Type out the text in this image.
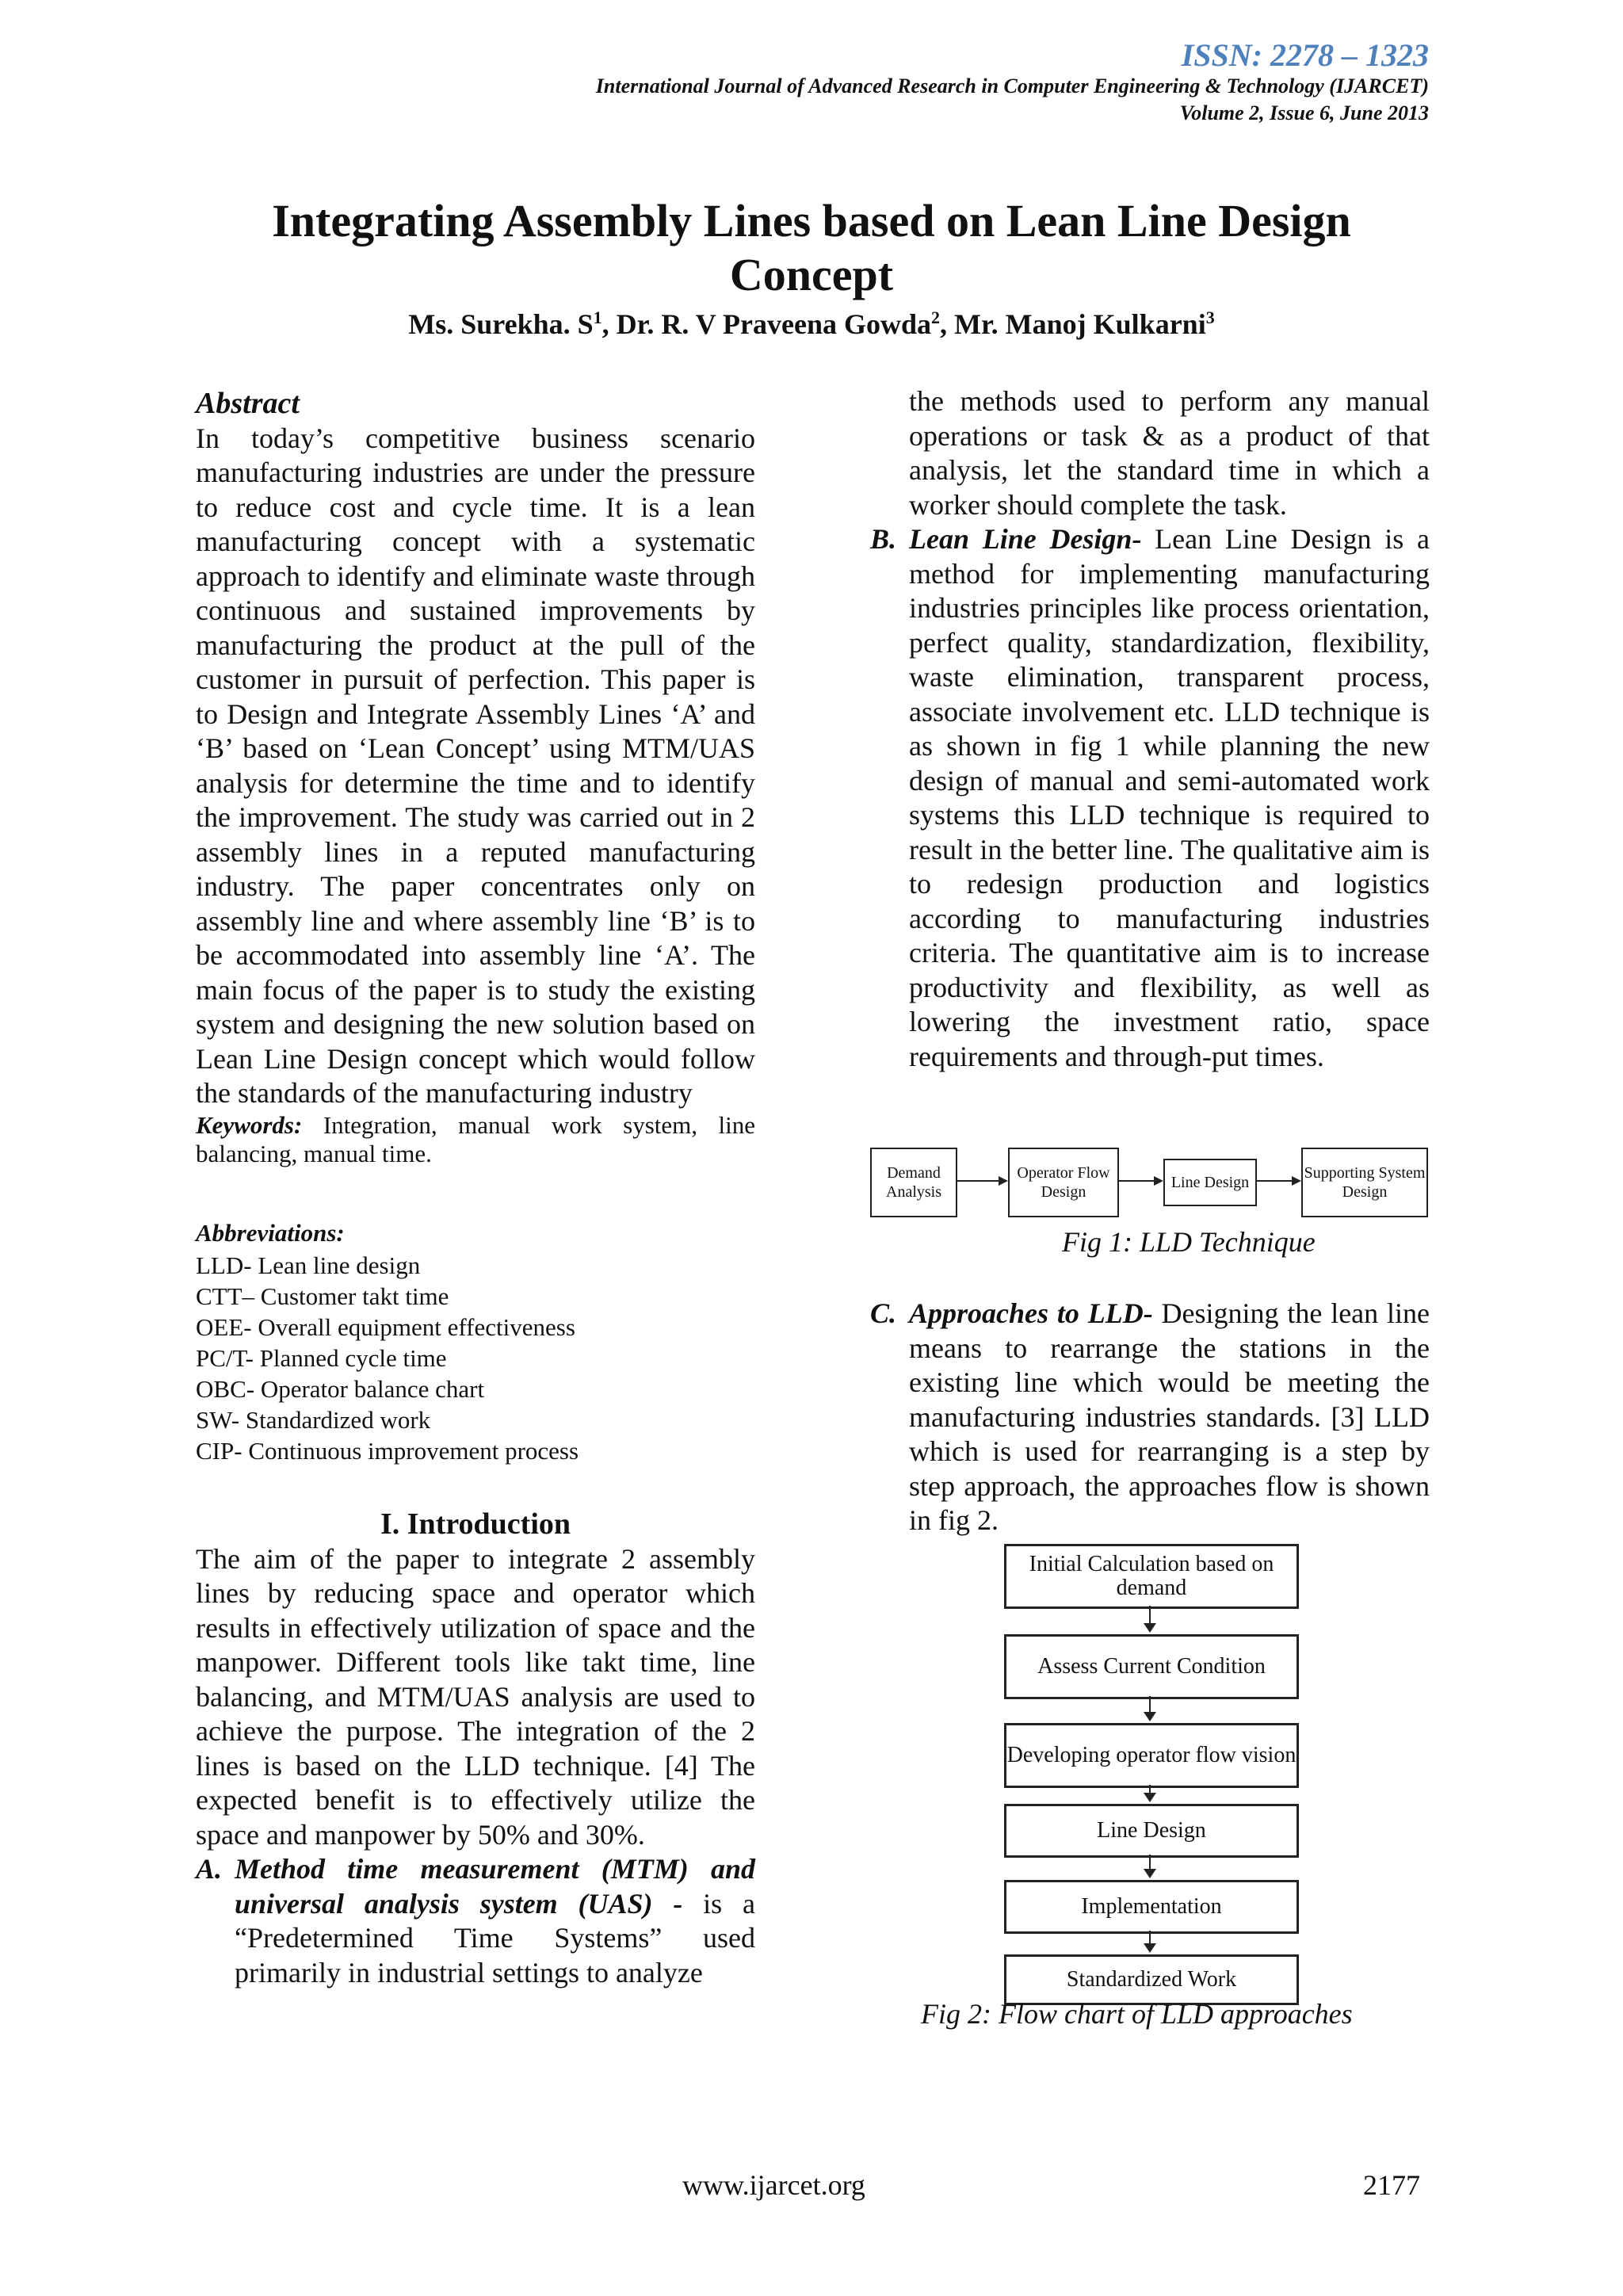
ISSN: 2278 – 1323
International Journal of Advanced Research in Computer Engineering & Technology (IJARCET)
Volume 2, Issue 6, June 2013
Integrating Assembly Lines based on Lean Line Design
Concept
Ms. Surekha. $S^1$, Dr. R. V Praveena Gowda$^2$, Mr. Manoj Kulkarni$^3$

Abstract

In today’s competitive business scenario manufacturing industries are under the pressure to reduce cost and cycle time. It is a lean manufacturing concept with a systematic approach to identify and eliminate waste through continuous and sustained improvements by manufacturing the product at the pull of the customer in pursuit of perfection. This paper is to Design and Integrate Assembly Lines ‘A’ and ‘B’ based on ‘Lean Concept’ using MTM/UAS analysis for determine the time and to identify the improvement. The study was carried out in 2 assembly lines in a reputed manufacturing industry. The paper concentrates only on assembly line and where assembly line ‘B’ is to be accommodated into assembly line ‘A’. The main focus of the paper is to study the existing system and designing the new solution based on Lean Line Design concept which would follow the standards of the manufacturing industry

Keywords: Integration, manual work system, line balancing, manual time.

Abbreviations:

LLD- Lean line design

CTT– Customer takt time

OEE- Overall equipment effectiveness

PC/T- Planned cycle time

OBC- Operator balance chart

SW- Standardized work

CIP- Continuous improvement process

I. Introduction

The aim of the paper to integrate 2 assembly lines by reducing space and operator which results in effectively utilization of space and the manpower. Different tools like takt time, line balancing, and MTM/UAS analysis are used to achieve the purpose. The integration of the 2 lines is based on the LLD technique. [4] The expected benefit is to effectively utilize the space and manpower by 50% and 30%.

A. Method time measurement (MTM) and universal analysis system (UAS) - is a “Predetermined Time Systems” used primarily in industrial settings to analyze

the methods used to perform any manual operations or task & as a product of that analysis, let the standard time in which a worker should complete the task.

B. Lean Line Design- Lean Line Design is a method for implementing manufacturing industries principles like process orientation, perfect quality, standardization, flexibility, waste elimination, transparent process, associate involvement etc. LLD technique is as shown in fig 1 while planning the new design of manual and semi-automated work systems this LLD technique is required to result in the better line. The qualitative aim is to redesign production and logistics according to manufacturing industries criteria. The quantitative aim is to increase productivity and flexibility, as well as lowering the investment ratio, space requirements and through-put times.

Demand Analysis
Operator Flow Design
Line Design
Supporting System Design
Fig 1: LLD Technique

C. Approaches to LLD- Designing the lean line means to rearrange the stations in the existing line which would be meeting the manufacturing industries standards. [3] LLD which is used for rearranging is a step by step approach, the approaches flow is shown in fig 2.

Initial Calculation based on demand
Assess Current Condition
Developing operator flow vision
Line Design
Implementation
Standardized Work
Fig 2: Flow chart of LLD approaches
www.ijarcet.org	2177
